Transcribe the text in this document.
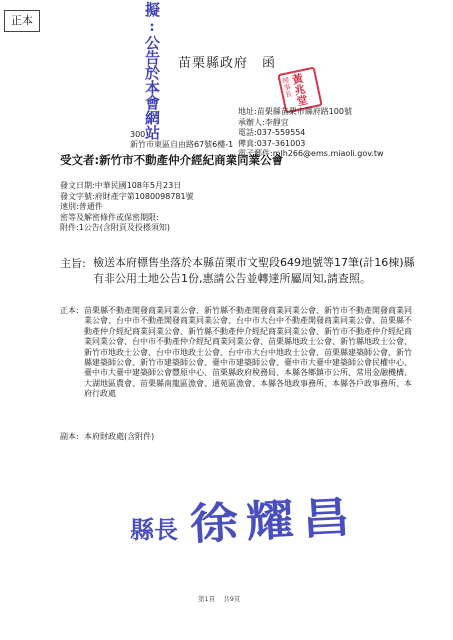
正本	擬:公告於本會網站 苗栗縣政府 函
理事長
黃兆堂
地址:苗栗縣苗栗市縣府路100號
承辦人:李靜宜
電話:037-559554
傳真:037-361003
電子郵件:mlh266@ems.miaoli.gov.tw
300
新竹市東區自由路67號6樓-1
受文者:新竹市不動產仲介經紀商業同業公會
發文日期:中華民國108年5月23日
發文字號:府財產字第1080098781號
速別:普通件
密等及解密條件或保密期限:
附件:1公告(含附頁及投標須知)
主旨: 檢送本府標售坐落於本縣苗栗市文聖段649地號等17筆(計16棟)縣有非公用土地公告1份,惠請公告並轉達所屬周知,請查照。
正本: 苗栗縣不動產開發商業同業公會、新竹縣不動產開發商業同業公會、新竹市不動產開發商業同業公會、台中市不動產開發商業同業公會、台中市大台中不動產開發商業同業公會、苗栗縣不動產仲介經紀商業同業公會、新竹縣不動產仲介經紀商業同業公會、新竹市不動產仲介經紀商業同業公會、台中市不動產仲介經紀商業同業公會、苗栗縣地政士公會、新竹縣地政士公會、新竹市地政士公會、台中市地政士公會、台中市大台中地政士公會、苗栗縣建築師公會、新竹縣建築師公會、新竹市建築師公會、臺中市建築師公會、臺中市大臺中建築師公會民權中心、臺中市大臺中建築師公會豐原中心、苗栗縣政府稅務局、本縣各鄉鎮市公所、常用金融機構、大湖地區農會、苗栗縣南龍區漁會、通苑區漁會、本縣各地政事務所、本縣各戶政事務所、本府行政處
副本: 本府財政處(含附件)
縣長 徐耀昌
第1頁 共9頁
